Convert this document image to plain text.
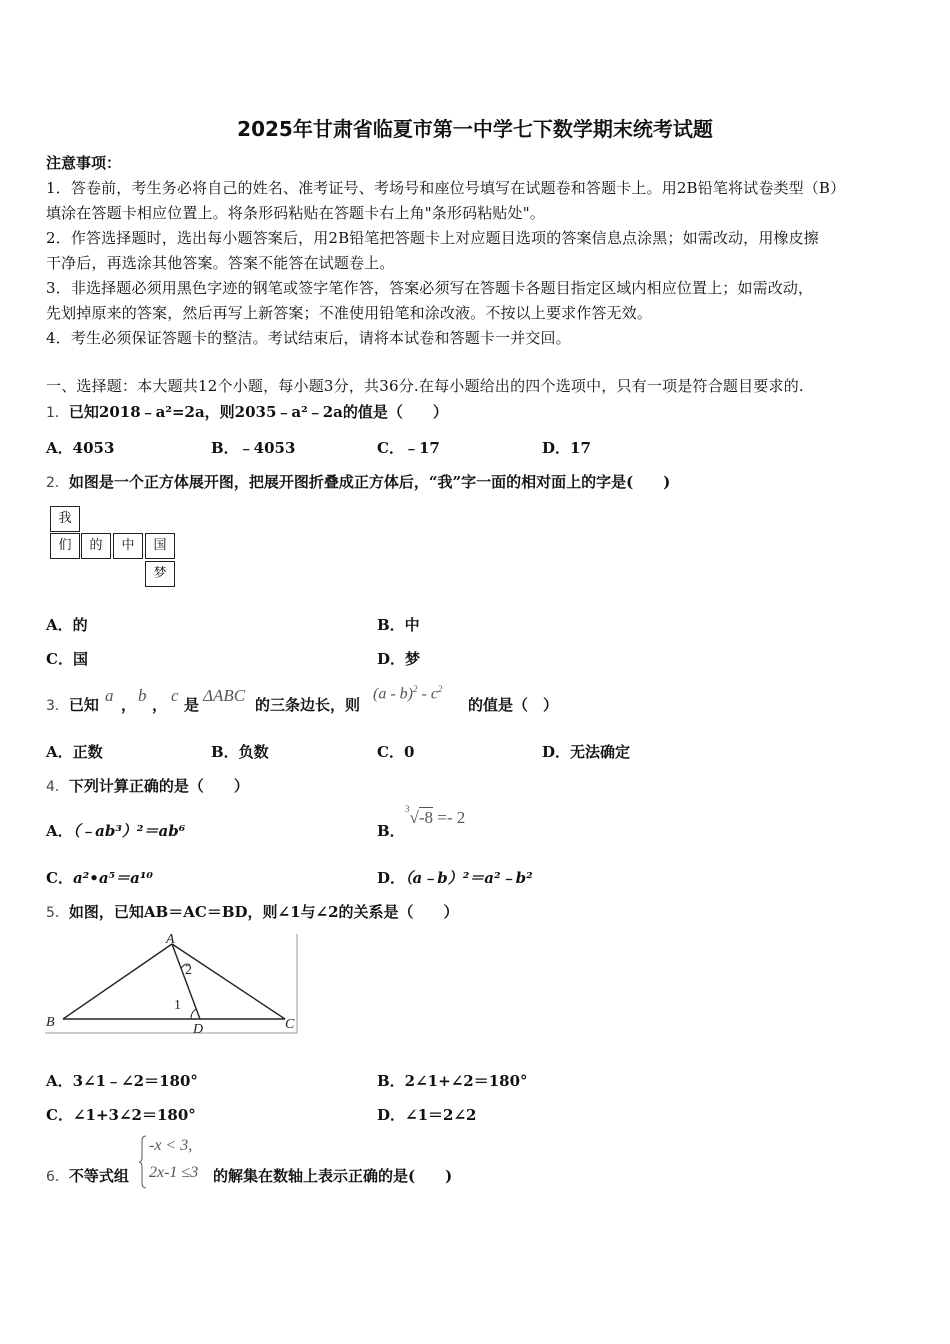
2025年甘肃省临夏市第一中学七下数学期末统考试题
注意事项：
1．答卷前，考生务必将自己的姓名、准考证号、考场号和座位号填写在试题卷和答题卡上。用2B铅笔将试卷类型（B）
填涂在答题卡相应位置上。将条形码粘贴在答题卡右上角"条形码粘贴处"。
2．作答选择题时，选出每小题答案后，用2B铅笔把答题卡上对应题目选项的答案信息点涂黑；如需改动，用橡皮擦
干净后，再选涂其他答案。答案不能答在试题卷上。
3．非选择题必须用黑色字迹的钢笔或签字笔作答，答案必须写在答题卡各题目指定区域内相应位置上；如需改动，
先划掉原来的答案，然后再写上新答案；不准使用铅笔和涂改液。不按以上要求作答无效。
4．考生必须保证答题卡的整洁。考试结束后，请将本试卷和答题卡一并交回。
一、选择题：本大题共12个小题，每小题3分，共36分.在每小题给出的四个选项中，只有一项是符合题目要求的.
1．已知2018﹣a²=2a，则2035﹣a²﹣2a的值是（　　）
A．4053	B．﹣4053	C．﹣17	D．17
2．如图是一个正方体展开图，把展开图折叠成正方体后，“我”字一面的相对面上的字是(　　)
我
们	的	中	国
梦
A．的	B．中
C．国	D．梦
3．已知 a ， b ， c 是 ΔABC 的三条边长，则
$(a - b)^2 - c^2$
的值是（　）
A．正数	B．负数	C．0	D．无法确定
4．下列计算正确的是（　　）
A．（﹣ab³）²＝ab⁶	B．
$^3$√-8 =- 2
C．a²•a⁵＝a¹⁰	D．（a﹣b）²＝a²﹣b²
5．如图，已知AB＝AC＝BD，则∠1与∠2的关系是（　　）
A
B	C
D
1
2
A．3∠1﹣∠2＝180°	B．2∠1+∠2＝180°
C．∠1+3∠2＝180°	D．∠1＝2∠2
6．不等式组
-x < 3,
2x-1 ≤3 的解集在数轴上表示正确的是(　　)
